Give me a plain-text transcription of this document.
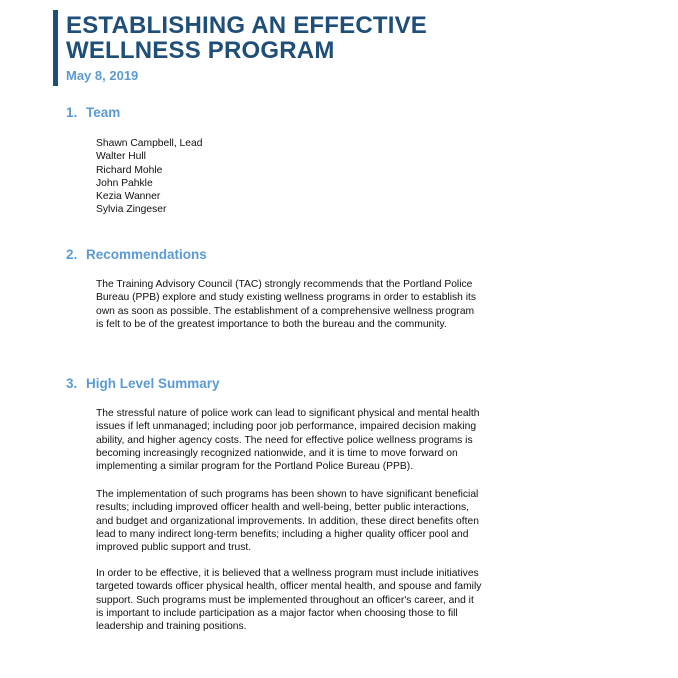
ESTABLISHING AN EFFECTIVE
WELLNESS PROGRAM
May 8, 2019
1. Team
Shawn Campbell, Lead
Walter Hull
Richard Mohle
John Pahkle
Kezia Wanner
Sylvia Zingeser
2. Recommendations
The Training Advisory Council (TAC) strongly recommends that the Portland Police
Bureau (PPB) explore and study existing wellness programs in order to establish its
own as soon as possible. The establishment of a comprehensive wellness program
is felt to be of the greatest importance to both the bureau and the community.
3. High Level Summary
The stressful nature of police work can lead to significant physical and mental health
issues if left unmanaged; including poor job performance, impaired decision making
ability, and higher agency costs. The need for effective police wellness programs is
becoming increasingly recognized nationwide, and it is time to move forward on
implementing a similar program for the Portland Police Bureau (PPB).
The implementation of such programs has been shown to have significant beneficial
results; including improved officer health and well-being, better public interactions,
and budget and organizational improvements. In addition, these direct benefits often
lead to many indirect long-term benefits; including a higher quality officer pool and
improved public support and trust.
In order to be effective, it is believed that a wellness program must include initiatives
targeted towards officer physical health, officer mental health, and spouse and family
support. Such programs must be implemented throughout an officer's career, and it
is important to include participation as a major factor when choosing those to fill
leadership and training positions.
